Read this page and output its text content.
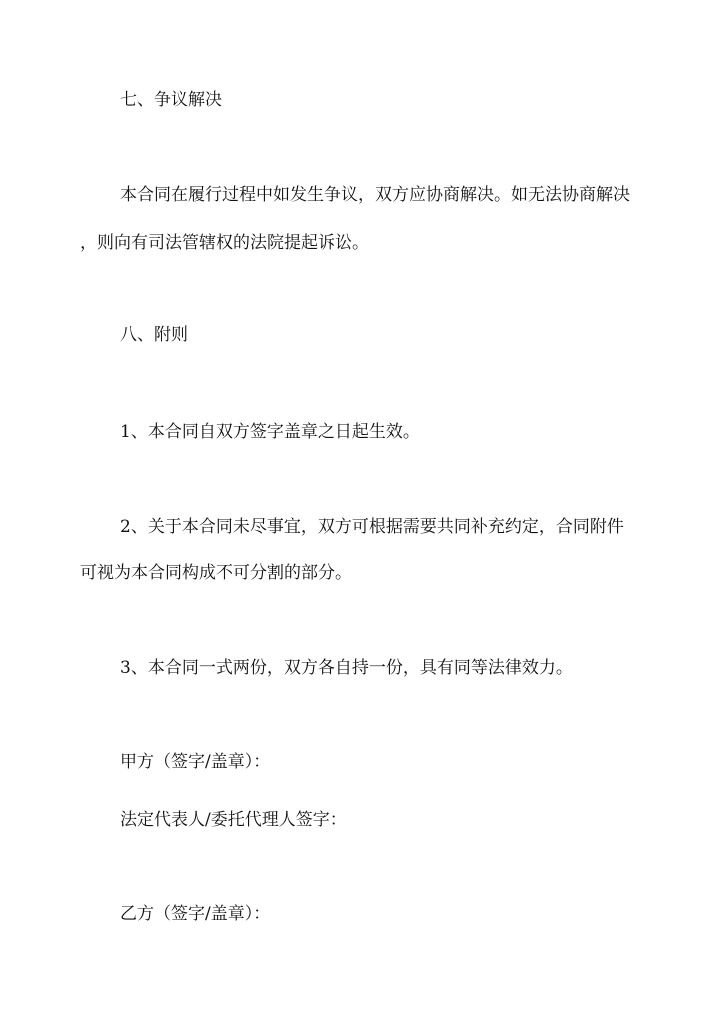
七、争议解决
本合同在履行过程中如发生争议，双方应协商解决。如无法协商解决
，则向有司法管辖权的法院提起诉讼。
八、附则
1、本合同自双方签字盖章之日起生效。
2、关于本合同未尽事宜，双方可根据需要共同补充约定，合同附件
可视为本合同构成不可分割的部分。
3、本合同一式两份，双方各自持一份，具有同等法律效力。
甲方（签字/盖章）：
法定代表人/委托代理人签字：
乙方（签字/盖章）：
